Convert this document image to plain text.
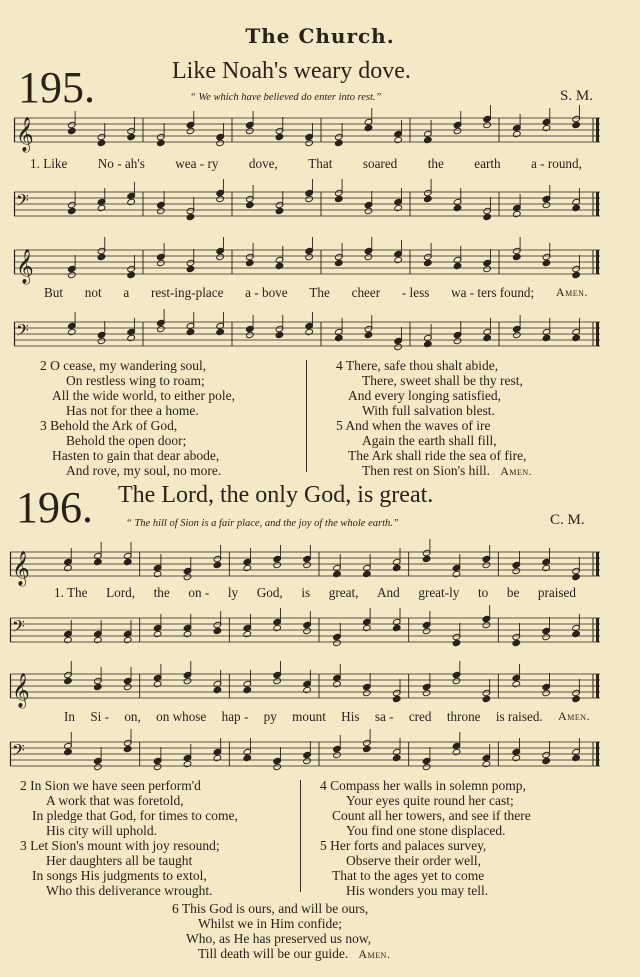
The Church.
195.	Like Noah's weary dove.
“ We which have believed do enter into rest.”	S. M.
𝄞
1. Like No - ah's wea - ry dove, That soared the earth a - round,
𝄢
𝄞
But not a rest-ing-place a - bove The cheer - less wa - ters found; Amen.
𝄢
2 O cease, my wandering soul,
On restless wing to roam;
All the wide world, to either pole,
Has not for thee a home.
3 Behold the Ark of God,
Behold the open door;
Hasten to gain that dear abode,
And rove, my soul, no more.
4 There, safe thou shalt abide,
There, sweet shall be thy rest,
And every longing satisfied,
With full salvation blest.
5 And when the waves of ire
Again the earth shall fill,
The Ark shall ride the sea of fire,
Then rest on Sion's hill. Amen.
196. The Lord, the only God, is great.
“ The hill of Sion is a fair place, and the joy of the whole earth.”	C. M.
𝄞
1. The Lord, the on - ly God, is great, And great-ly to be praised
𝄢
𝄞
In Si - on, on whose hap - py mount His sa - cred throne is raised. Amen.
𝄢
2 In Sion we have seen perform'd
A work that was foretold,
In pledge that God, for times to come,
His city will uphold.
3 Let Sion's mount with joy resound;
Her daughters all be taught
In songs His judgments to extol,
Who this deliverance wrought.
4 Compass her walls in solemn pomp,
Your eyes quite round her cast;
Count all her towers, and see if there
You find one stone displaced.
5 Her forts and palaces survey,
Observe their order well,
That to the ages yet to come
His wonders you may tell.
6 This God is ours, and will be ours,
Whilst we in Him confide;
Who, as He has preserved us now,
Till death will be our guide. Amen.
